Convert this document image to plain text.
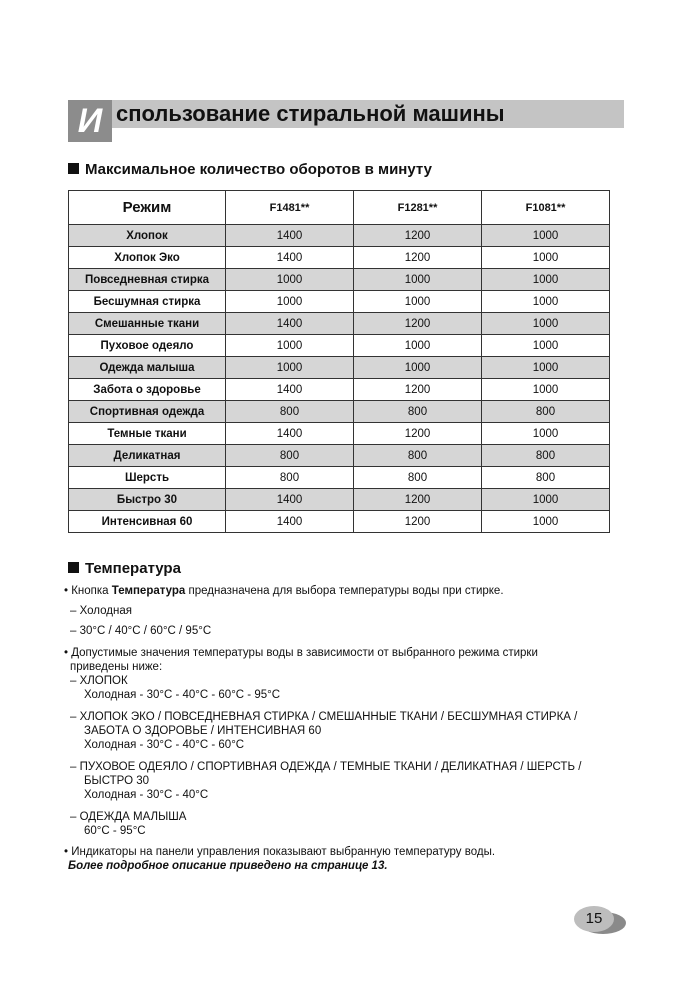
И спользование стиральной машины
Максимальное количество оборотов в минуту
Режим	F1481**	F1281**	F1081**
Хлопок	1400	1200	1000
Хлопок Эко	1400	1200	1000
Повседневная стирка	1000	1000	1000
Бесшумная стирка	1000	1000	1000
Смешанные ткани	1400	1200	1000
Пуховое одеяло	1000	1000	1000
Одежда малыша	1000	1000	1000
Забота о здоровье	1400	1200	1000
Спортивная одежда	800	800	800
Темные ткани	1400	1200	1000
Деликатная	800	800	800
Шерсть	800	800	800
Быстро 30	1400	1200	1000
Интенсивная 60	1400	1200	1000
Температура

• Кнопка Температура предназначена для выбора температуры воды при стирке.

– Холодная

– 30°C / 40°C / 60°C / 95°C

• Допустимые значения температуры воды в зависимости от выбранного режима стирки

приведены ниже:

– ХЛОПОК

Холодная - 30°C - 40°C - 60°C - 95°C

– ХЛОПОК ЭКО / ПОВСЕДНЕВНАЯ СТИРКА / СМЕШАННЫЕ ТКАНИ / БЕСШУМНАЯ СТИРКА /

ЗАБОТА О ЗДОРОВЬЕ / ИНТЕНСИВНАЯ 60

Холодная - 30°C - 40°C - 60°C

– ПУХОВОЕ ОДЕЯЛО / СПОРТИВНАЯ ОДЕЖДА / ТЕМНЫЕ ТКАНИ / ДЕЛИКАТНАЯ / ШЕРСТЬ /

БЫСТРО 30

Холодная - 30°C - 40°C

– ОДЕЖДА МАЛЫША

60°C - 95°C

• Индикаторы на панели управления показывают выбранную температуру воды.

Более подробное описание приведено на странице 13.
15
